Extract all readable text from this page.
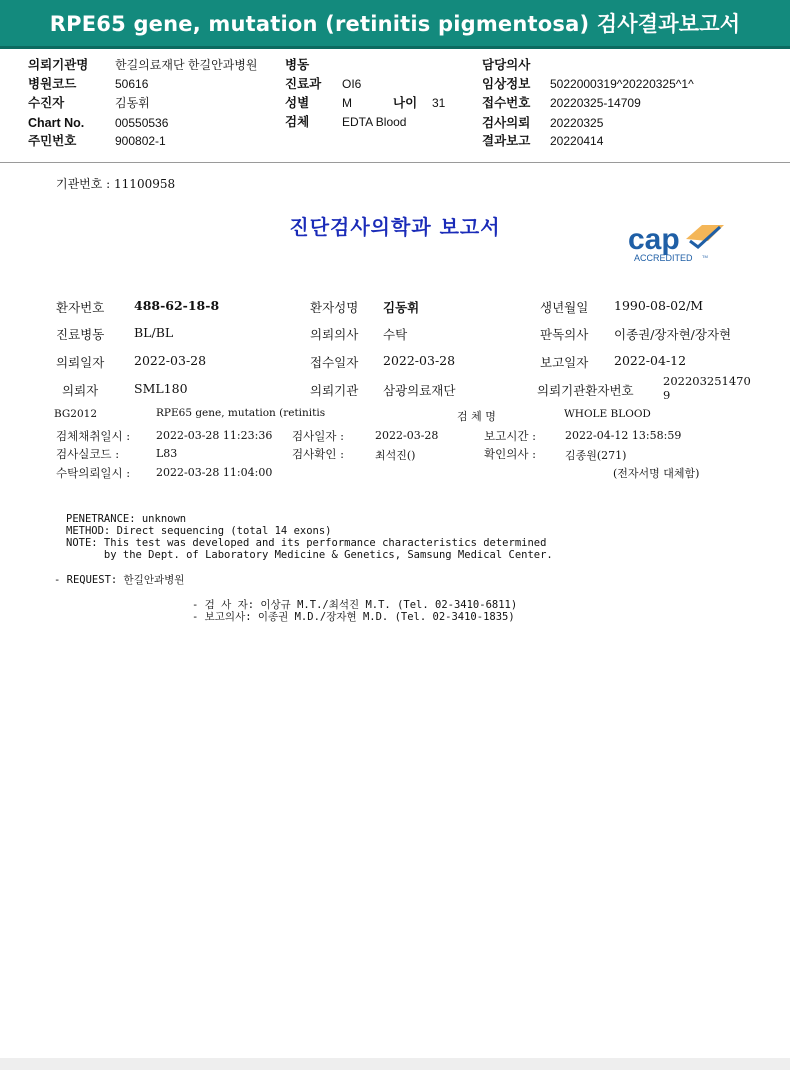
RPE65 gene, mutation (retinitis pigmentosa) 검사결과보고서
의뢰기관명 한길의료재단 한길안과병원
병원코드	50616
수진자	김동휘
Chart No.	00550536
주민번호	900802-1
병동
진료과 OI6
성별	M	나이 31
검체	EDTA Blood
담당의사
임상정보 5022000319^20220325^1^
접수번호 20220325-14709
검사의뢰 20220325
결과보고 20220414
기관번호 : 11100958
진단검사의학과 보고서	cap
ACCREDITED TM
환자번호 488-62-18-8	환자성명 김동휘	생년월일 1990-08-02/M
진료병동 BL/BL	의뢰의사 수탁	판독의사 이종권/장자현/장자현
의뢰일자 2022-03-28	접수일자 2022-03-28	보고일자 2022-04-12
의뢰자	SML180	의뢰기관 삼광의료재단	의뢰기관환자번호
202203251470
9
BG2012	RPE65 gene, mutation (retinitis	검 체 명	WHOLE BLOOD
검체채취일시 : 2022-03-28 11:23:36 검사일자 :	2022-03-28	보고시간 :	2022-04-12 13:58:59
검사실코드 :	L83	검사확인 :	최석진()	확인의사 :	김종원(271)
수탁의뢰일시 : 2022-03-28 11:04:00	(전자서명 대체함)
PENETRANCE: unknown
METHOD: Direct sequencing (total 14 exons)
NOTE: This test was developed and its performance characteristics determined
by the Dept. of Laboratory Medicine & Genetics, Samsung Medical Center.
- REQUEST: 한길안과병원
- 검 사 자: 이상규 M.T./최석진 M.T. (Tel. 02-3410-6811)
- 보고의사: 이종권 M.D./장자현 M.D. (Tel. 02-3410-1835)
